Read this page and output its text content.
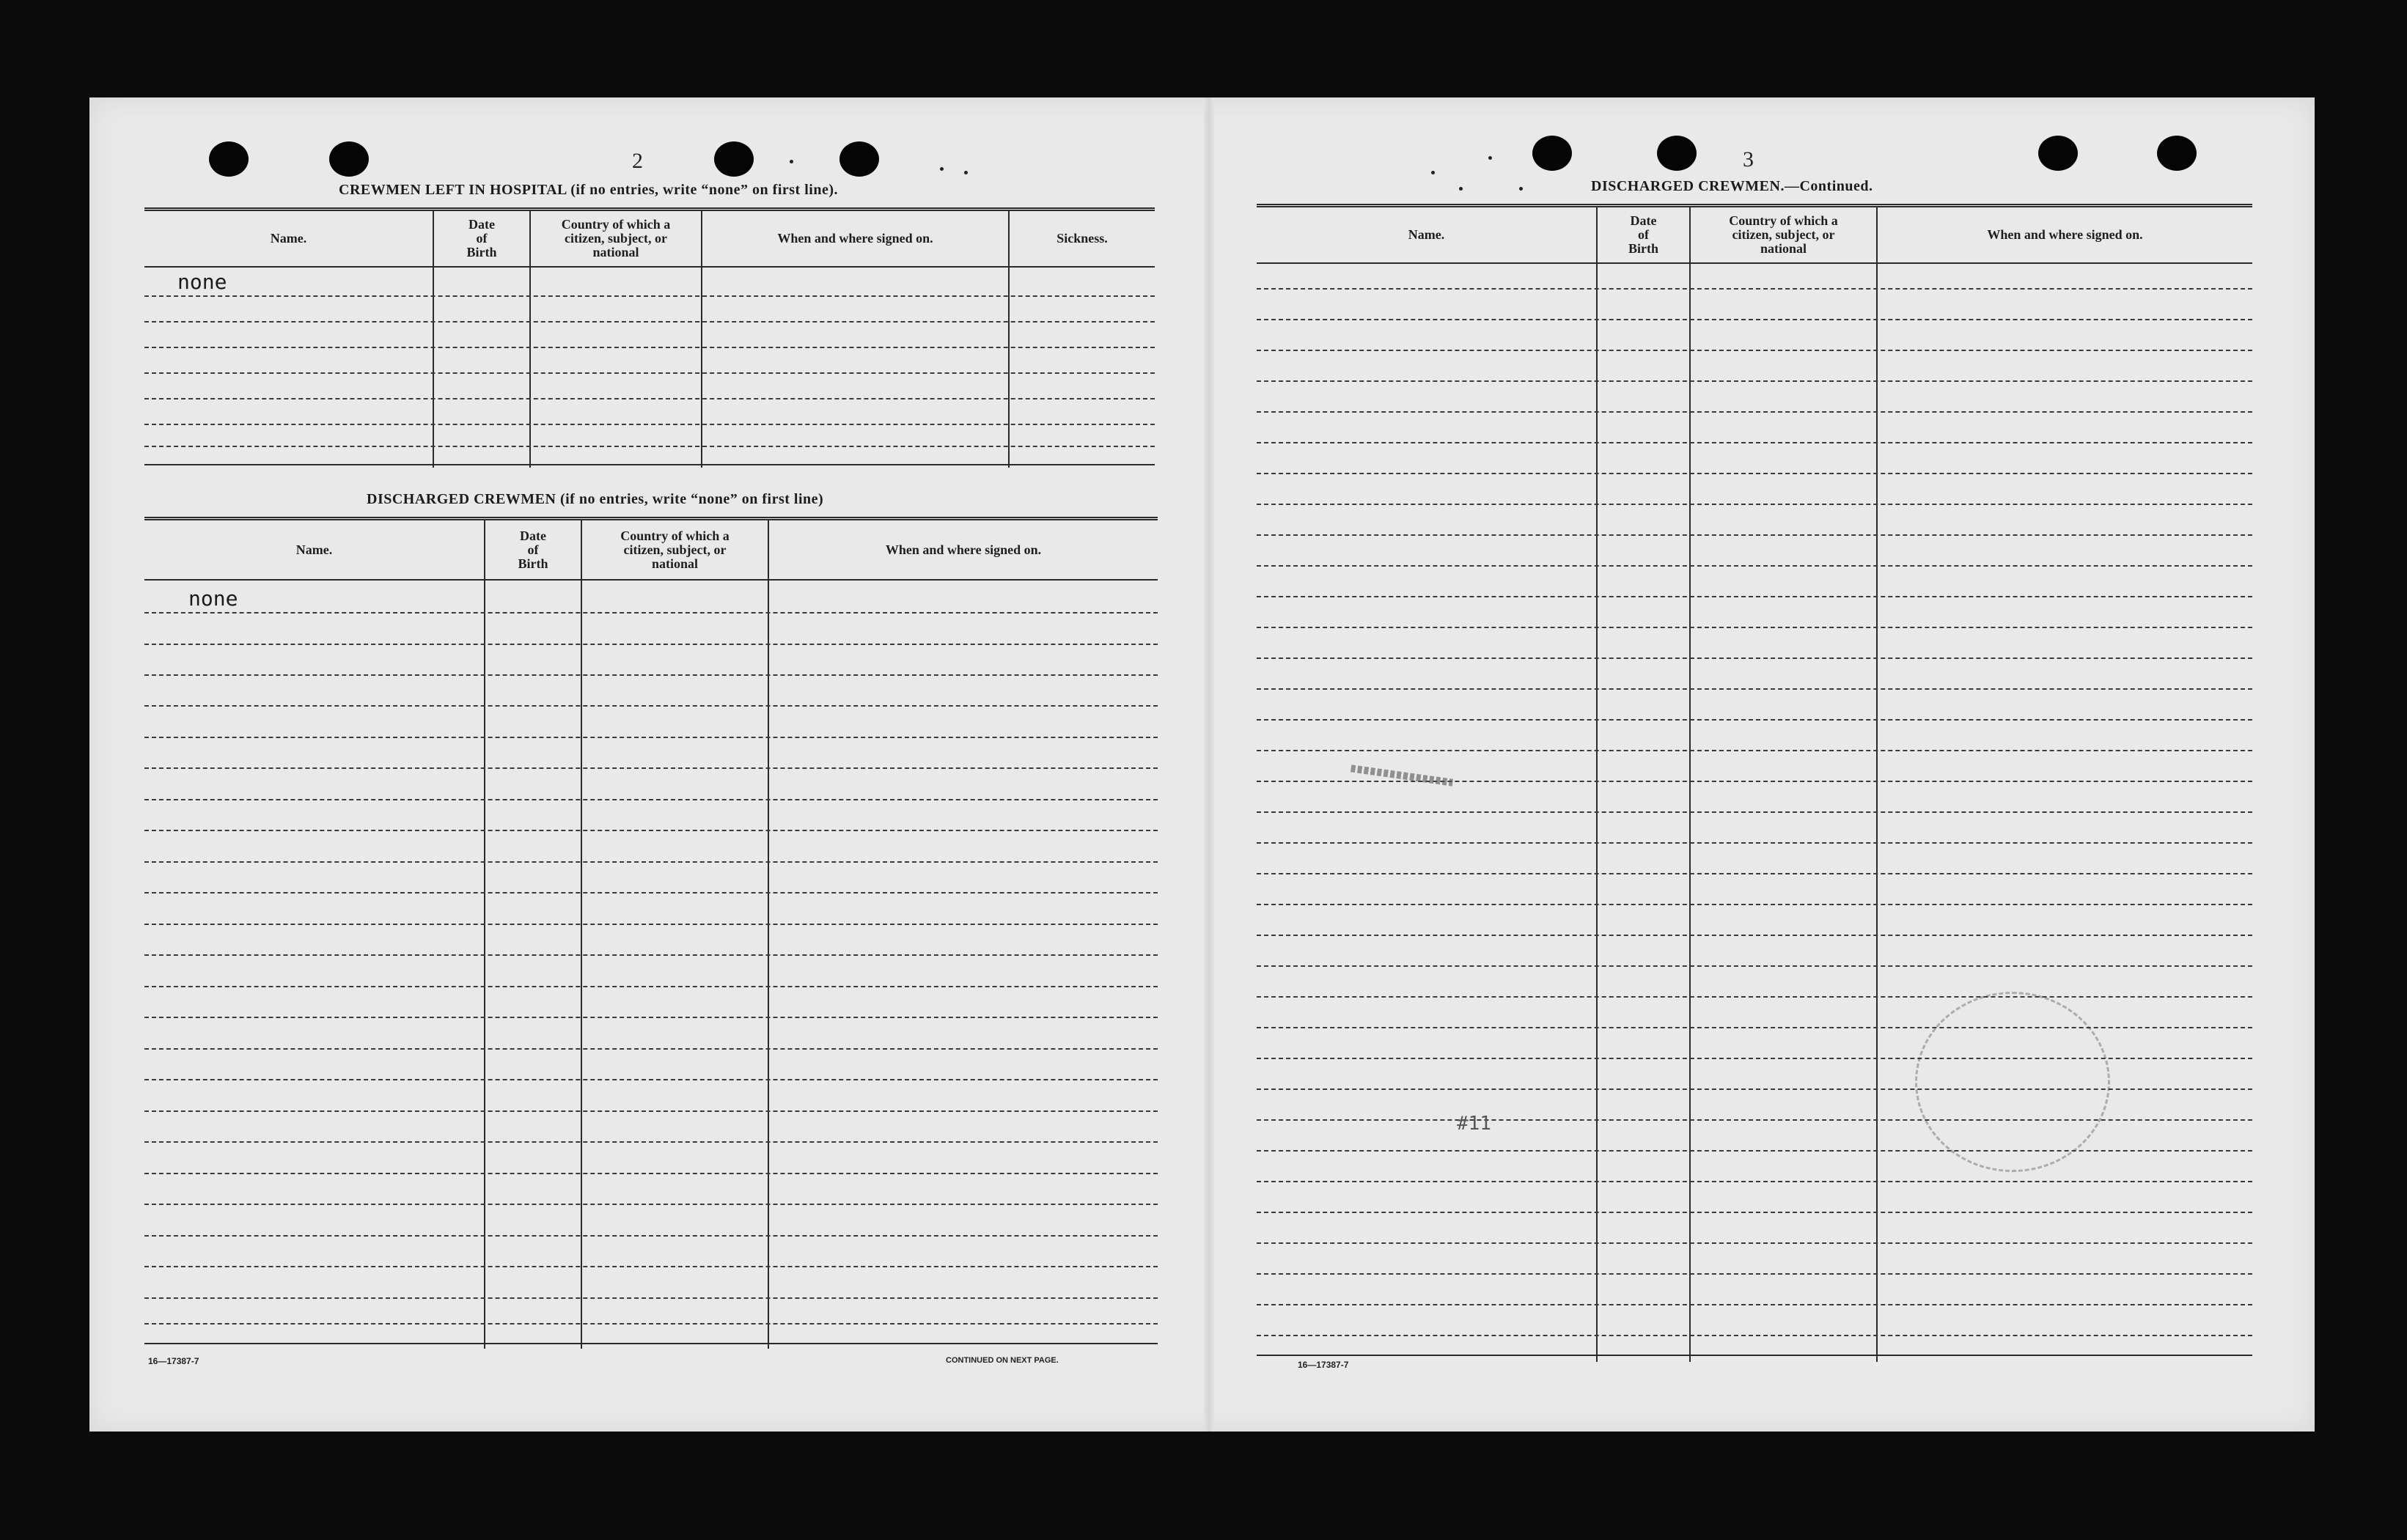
2
CREWMEN LEFT IN HOSPITAL (if no entries, write “none” on first line).
Name.
Date
of
Birth
Country of which a
citizen, subject, or
national
When and where signed on.	Sickness.
none
DISCHARGED CREWMEN (if no entries, write “none” on first line)
Name.
Date
of
Birth
Country of which a
citizen, subject, or
national
When and where signed on.
none
16—17387-7	CONTINUED ON NEXT PAGE.
3
DISCHARGED CREWMEN.—Continued.
Name.
Date
of
Birth
Country of which a
citizen, subject, or
national
When and where signed on.
16—17387-7
#11
